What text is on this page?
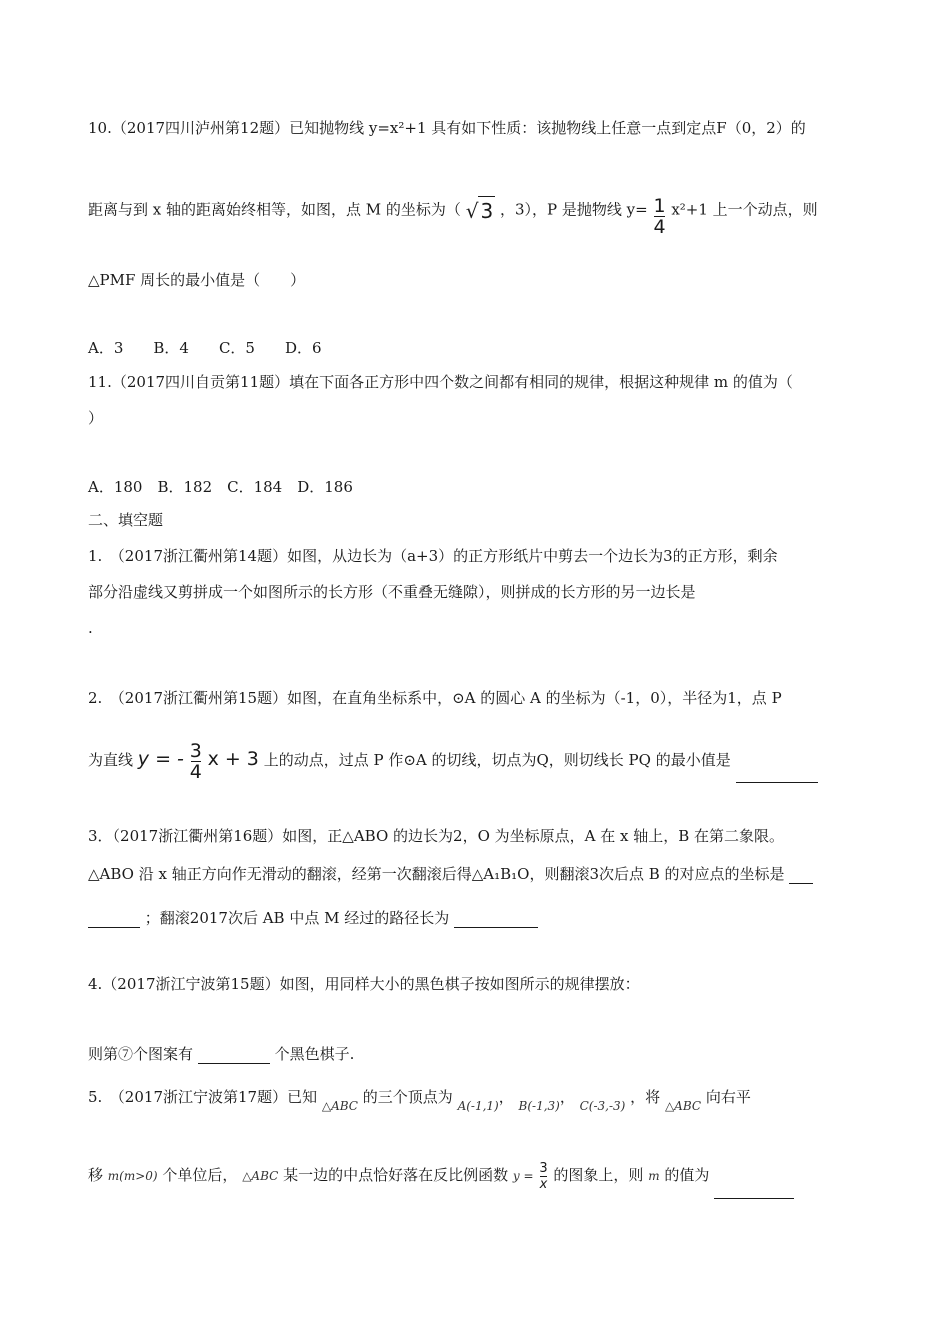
10.（2017四川泸州第12题）已知抛物线 y=x²+1 具有如下性质：该抛物线上任意一点到定点F（0，2）的
距离与到 x 轴的距离始终相等，如图，点 M 的坐标为（ √ 3 ，3），P 是抛物线 $y= \frac{1}{4} x^2+1$ 上一个动点，则
△PMF 周长的最小值是（　　）
A．3　　B．4　　C．5　　D．6
11.（2017四川自贡第11题）填在下面各正方形中四个数之间都有相同的规律，根据这种规律 m 的值为（
）
A．180　B．182　C．184　D．186
二、填空题
1.　（2017浙江衢州第14题）如图，从边长为（a+3）的正方形纸片中剪去一个边长为3的正方形，剩余
部分沿虚线又剪拼成一个如图所示的长方形（不重叠无缝隙），则拼成的长方形的另一边长是
.
2.　（2017浙江衢州第15题）如图，在直角坐标系中，⊙A 的圆心 A 的坐标为（-1，0），半径为1，点 P
为直线 y = - $\frac{3}{4}$ x + 3 上的动点，过点 P 作⊙A 的切线，切点为Q，则切线长 PQ 的最小值是
3．（2017浙江衢州第16题）如图，正△ABO 的边长为2，O 为坐标原点，A 在 x 轴上，B 在第二象限。
△ABO 沿 x 轴正方向作无滑动的翻滚，经第一次翻滚后得△A₁B₁O，则翻滚3次后点 B 的对应点的坐标是
；翻滚2017次后 AB 中点 M 经过的路径长为
4.（2017浙江宁波第15题）如图，用同样大小的黑色棋子按如图所示的规律摆放：
则第⑦个图案有	个黑色棋子.
5.　（2017浙江宁波第17题）已知 $_{\triangle ABC}$ 的三个顶点为 $_{A(-1,1)}$， $_{B(-1,3)}$， $_{C(-3,-3)}$ ，将 $_{\triangle ABC}$ 向右平
移 m(m>0) 个单位后， △ABC 某一边的中点恰好落在反比例函数 $y = \frac{3}{x}$ 的图象上，则 m 的值为
